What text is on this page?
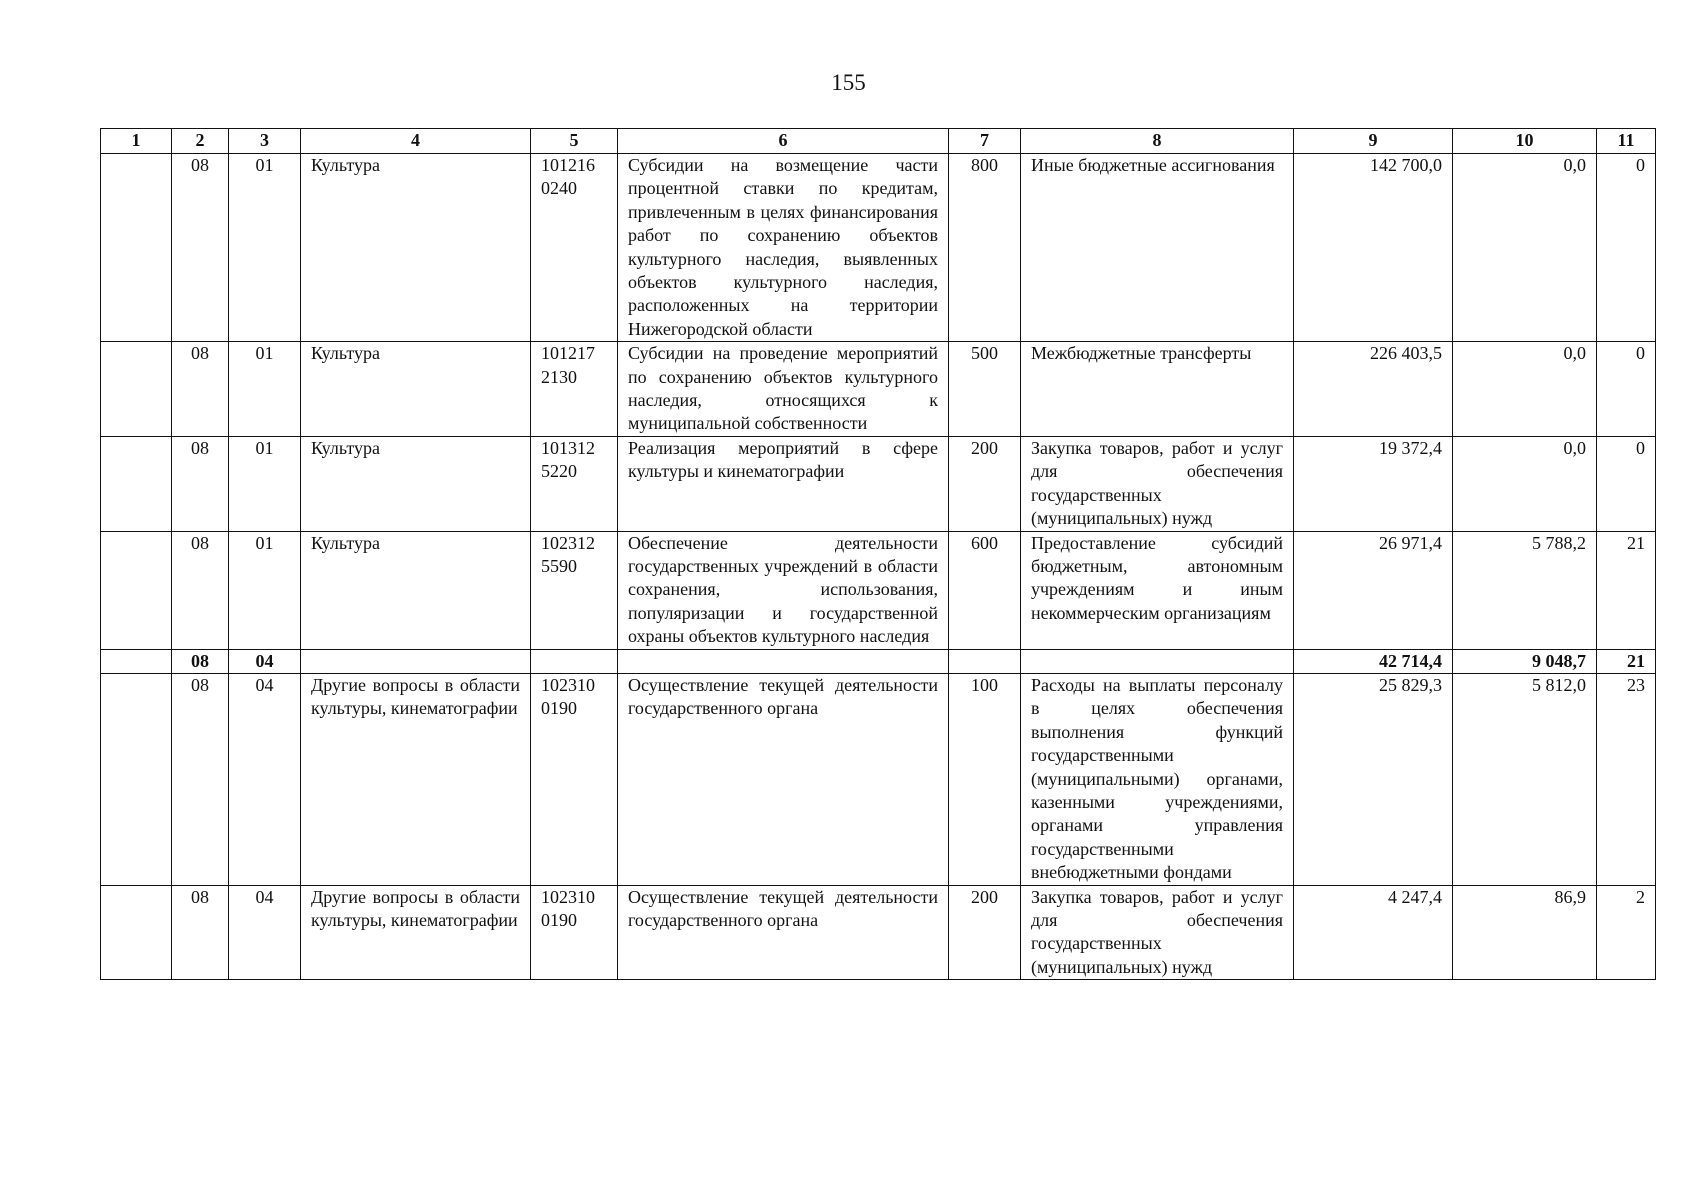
155
1	2	3	4	5	6	7	8	9	10	11
	08	01	Культура	101216 0240	Субсидии на возмещение части процентной ставки по кредитам, привлеченным в целях финансирования работ по сохранению объектов культурного наследия, выявленных объектов культурного наследия, расположенных на территории Нижегородской области	800	Иные бюджетные ассигнования	142 700,0	0,0	0
	08	01	Культура	101217 2130	Субсидии на проведение мероприятий по сохранению объектов культурного наследия, относящихся к муниципальной собственности	500	Межбюджетные трансферты	226 403,5	0,0	0
	08	01	Культура	101312 5220	Реализация мероприятий в сфере культуры и кинематографии	200	Закупка товаров, работ и услуг для обеспечения государственных (муниципальных) нужд	19 372,4	0,0	0
	08	01	Культура	102312 5590	Обеспечение деятельности государственных учреждений в области сохранения, использования, популяризации и государственной охраны объектов культурного наследия	600	Предоставление субсидий бюджетным, автономным учреждениям и иным некоммерческим организациям	26 971,4	5 788,2	21
	08	04						42 714,4	9 048,7	21
	08	04	Другие вопросы в области культуры, кинематографии	102310 0190	Осуществление текущей деятельности государственного органа	100	Расходы на выплаты персоналу в целях обеспечения выполнения функций государственными (муниципальными) органами, казенными учреждениями, органами управления государственными внебюджетными фондами	25 829,3	5 812,0	23
	08	04	Другие вопросы в области культуры, кинематографии	102310 0190	Осуществление текущей деятельности государственного органа	200	Закупка товаров, работ и услуг для обеспечения государственных (муниципальных) нужд	4 247,4	86,9	2
